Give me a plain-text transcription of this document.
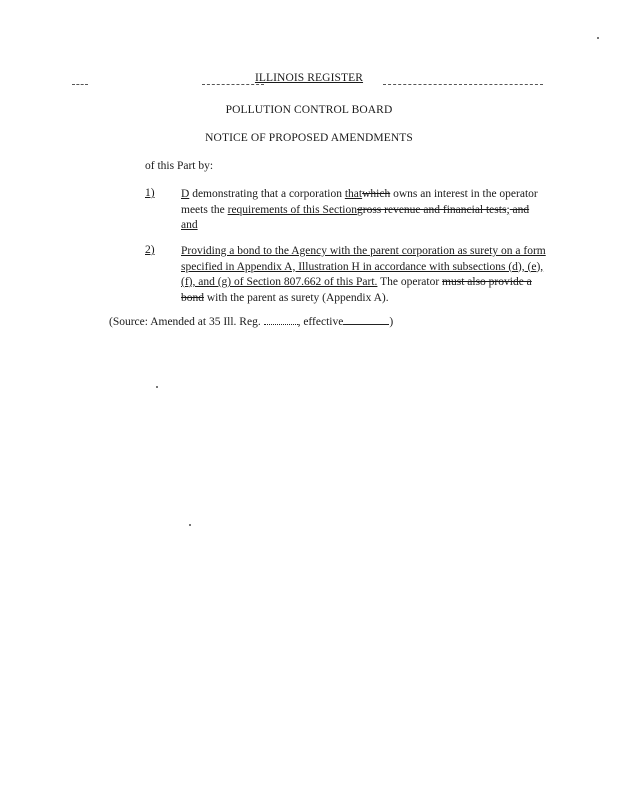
ILLINOIS REGISTER
POLLUTION CONTROL BOARD
NOTICE OF PROPOSED AMENDMENTS
of this Part by:
1) D demonstrating that a corporation thatwhich owns an interest in the operator meets the requirements of this Sectiongross revenue and financial tests; and and
2) Providing a bond to the Agency with the parent corporation as surety on a form specified in Appendix A, Illustration H in accordance with subsections (d), (e), (f), and (g) of Section 807.662 of this Part. The operator must also provide a bond with the parent as surety (Appendix A).
(Source: Amended at 35 Ill. Reg.	, effective	)
